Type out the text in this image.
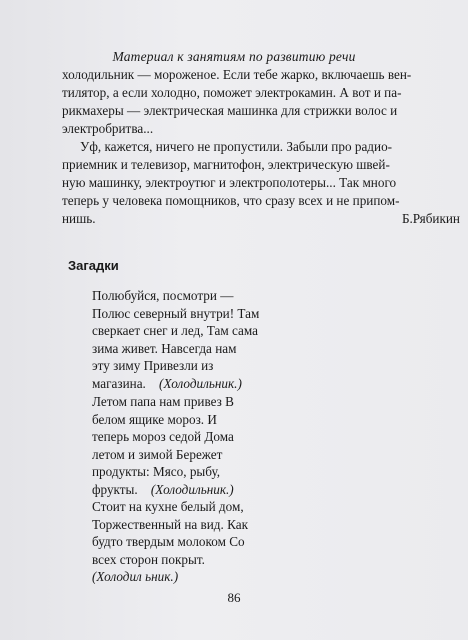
Материал к занятиям по развитию речи
холодильник — мороженое. Если тебе жарко, включаешь вен-
тилятор, а если холодно, поможет электрокамин. А вот и па-
рикмахеры — электрическая машинка для стрижки волос и
электробритва...
Уф, кажется, ничего не пропустили. Забыли про радио-
приемник и телевизор, магнитофон, электрическую швей-
ную машинку, электроутюг и электрополотеры... Так много
теперь у человека помощников, что сразу всех и не припом-
нишь.	Б.Рябикин
Загадки
Полюбуйся, посмотри —
Полюс северный внутри! Там
сверкает снег и лед, Там сама
зима живет. Навсегда нам
эту зиму Привезли из
магазина. (Холодильник.)
Летом папа нам привез В
белом ящике мороз. И
теперь мороз седой Дома
летом и зимой Бережет
продукты: Мясо, рыбу,
фрукты. (Холодильник.)
Стоит на кухне белый дом,
Торжественный на вид. Как
будто твердым молоком Со
всех сторон покрыт.
(Холодил ьник.)
86
